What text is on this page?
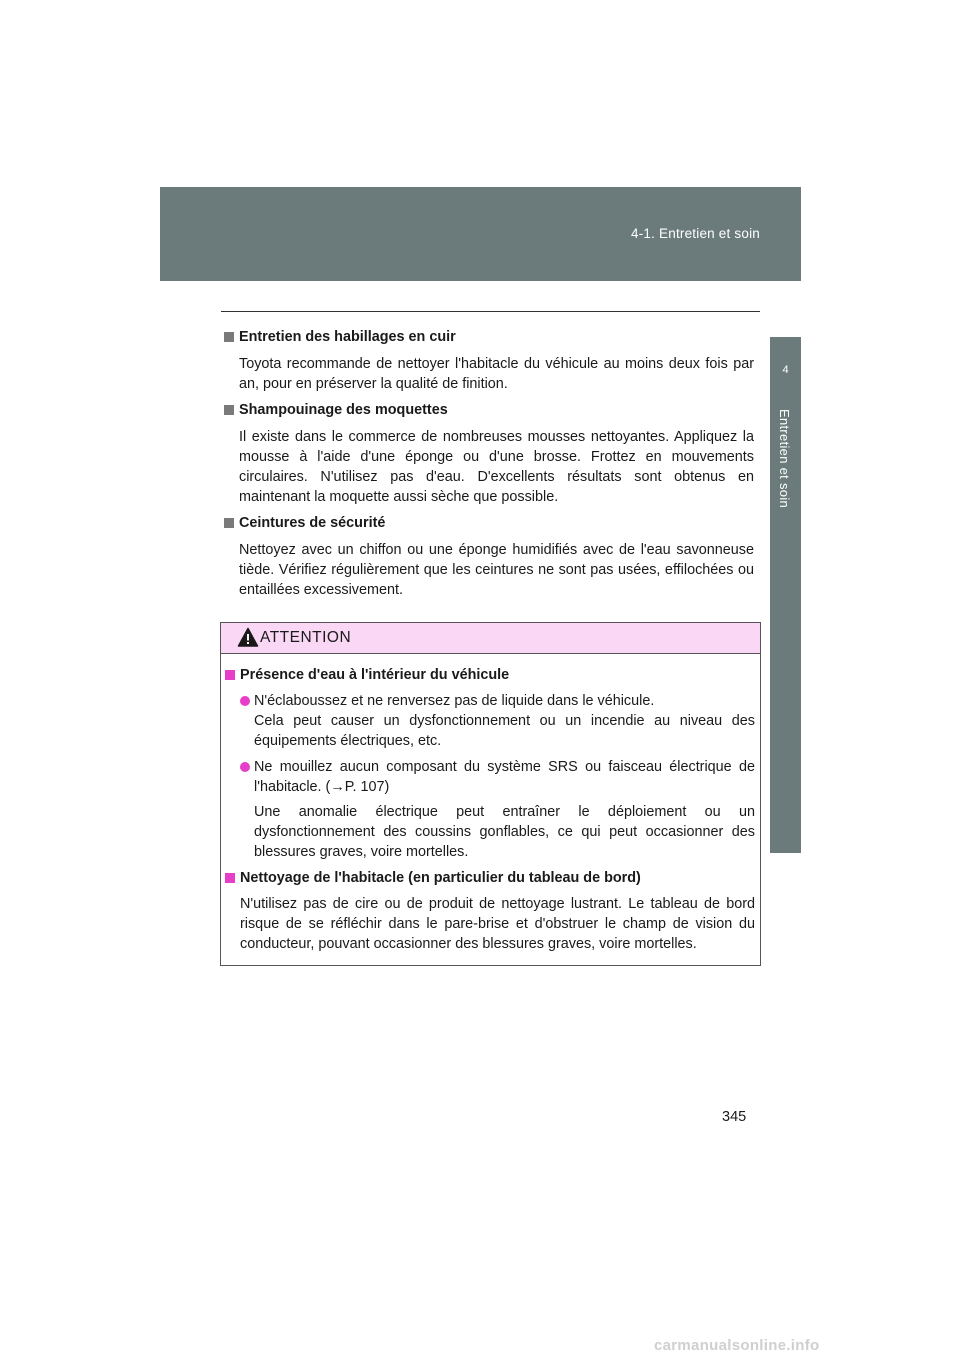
4-1. Entretien et soin
4
Entretien et soin
Entretien des habillages en cuir
Toyota recommande de nettoyer l'habitacle du véhicule au moins deux fois par an, pour en préserver la qualité de finition.
Shampouinage des moquettes
Il existe dans le commerce de nombreuses mousses nettoyantes. Appliquez la mousse à l'aide d'une éponge ou d'une brosse. Frottez en mouvements circulaires. N'utilisez pas d'eau. D'excellents résultats sont obtenus en maintenant la moquette aussi sèche que possible.
Ceintures de sécurité
Nettoyez avec un chiffon ou une éponge humidifiés avec de l'eau savonneuse tiède. Vérifiez régulièrement que les ceintures ne sont pas usées, effilochées ou entaillées excessivement.
ATTENTION
Présence d'eau à l'intérieur du véhicule
N'éclaboussez et ne renversez pas de liquide dans le véhicule.
Cela peut causer un dysfonctionnement ou un incendie au niveau des équipements électriques, etc.
Ne mouillez aucun composant du système SRS ou faisceau électrique de l'habitacle. (→P. 107)
Une anomalie électrique peut entraîner le déploiement ou un dysfonctionnement des coussins gonflables, ce qui peut occasionner des blessures graves, voire mortelles.
Nettoyage de l'habitacle (en particulier du tableau de bord)
N'utilisez pas de cire ou de produit de nettoyage lustrant. Le tableau de bord risque de se réfléchir dans le pare-brise et d'obstruer le champ de vision du conducteur, pouvant occasionner des blessures graves, voire mortelles.
345
carmanualsonline.info
